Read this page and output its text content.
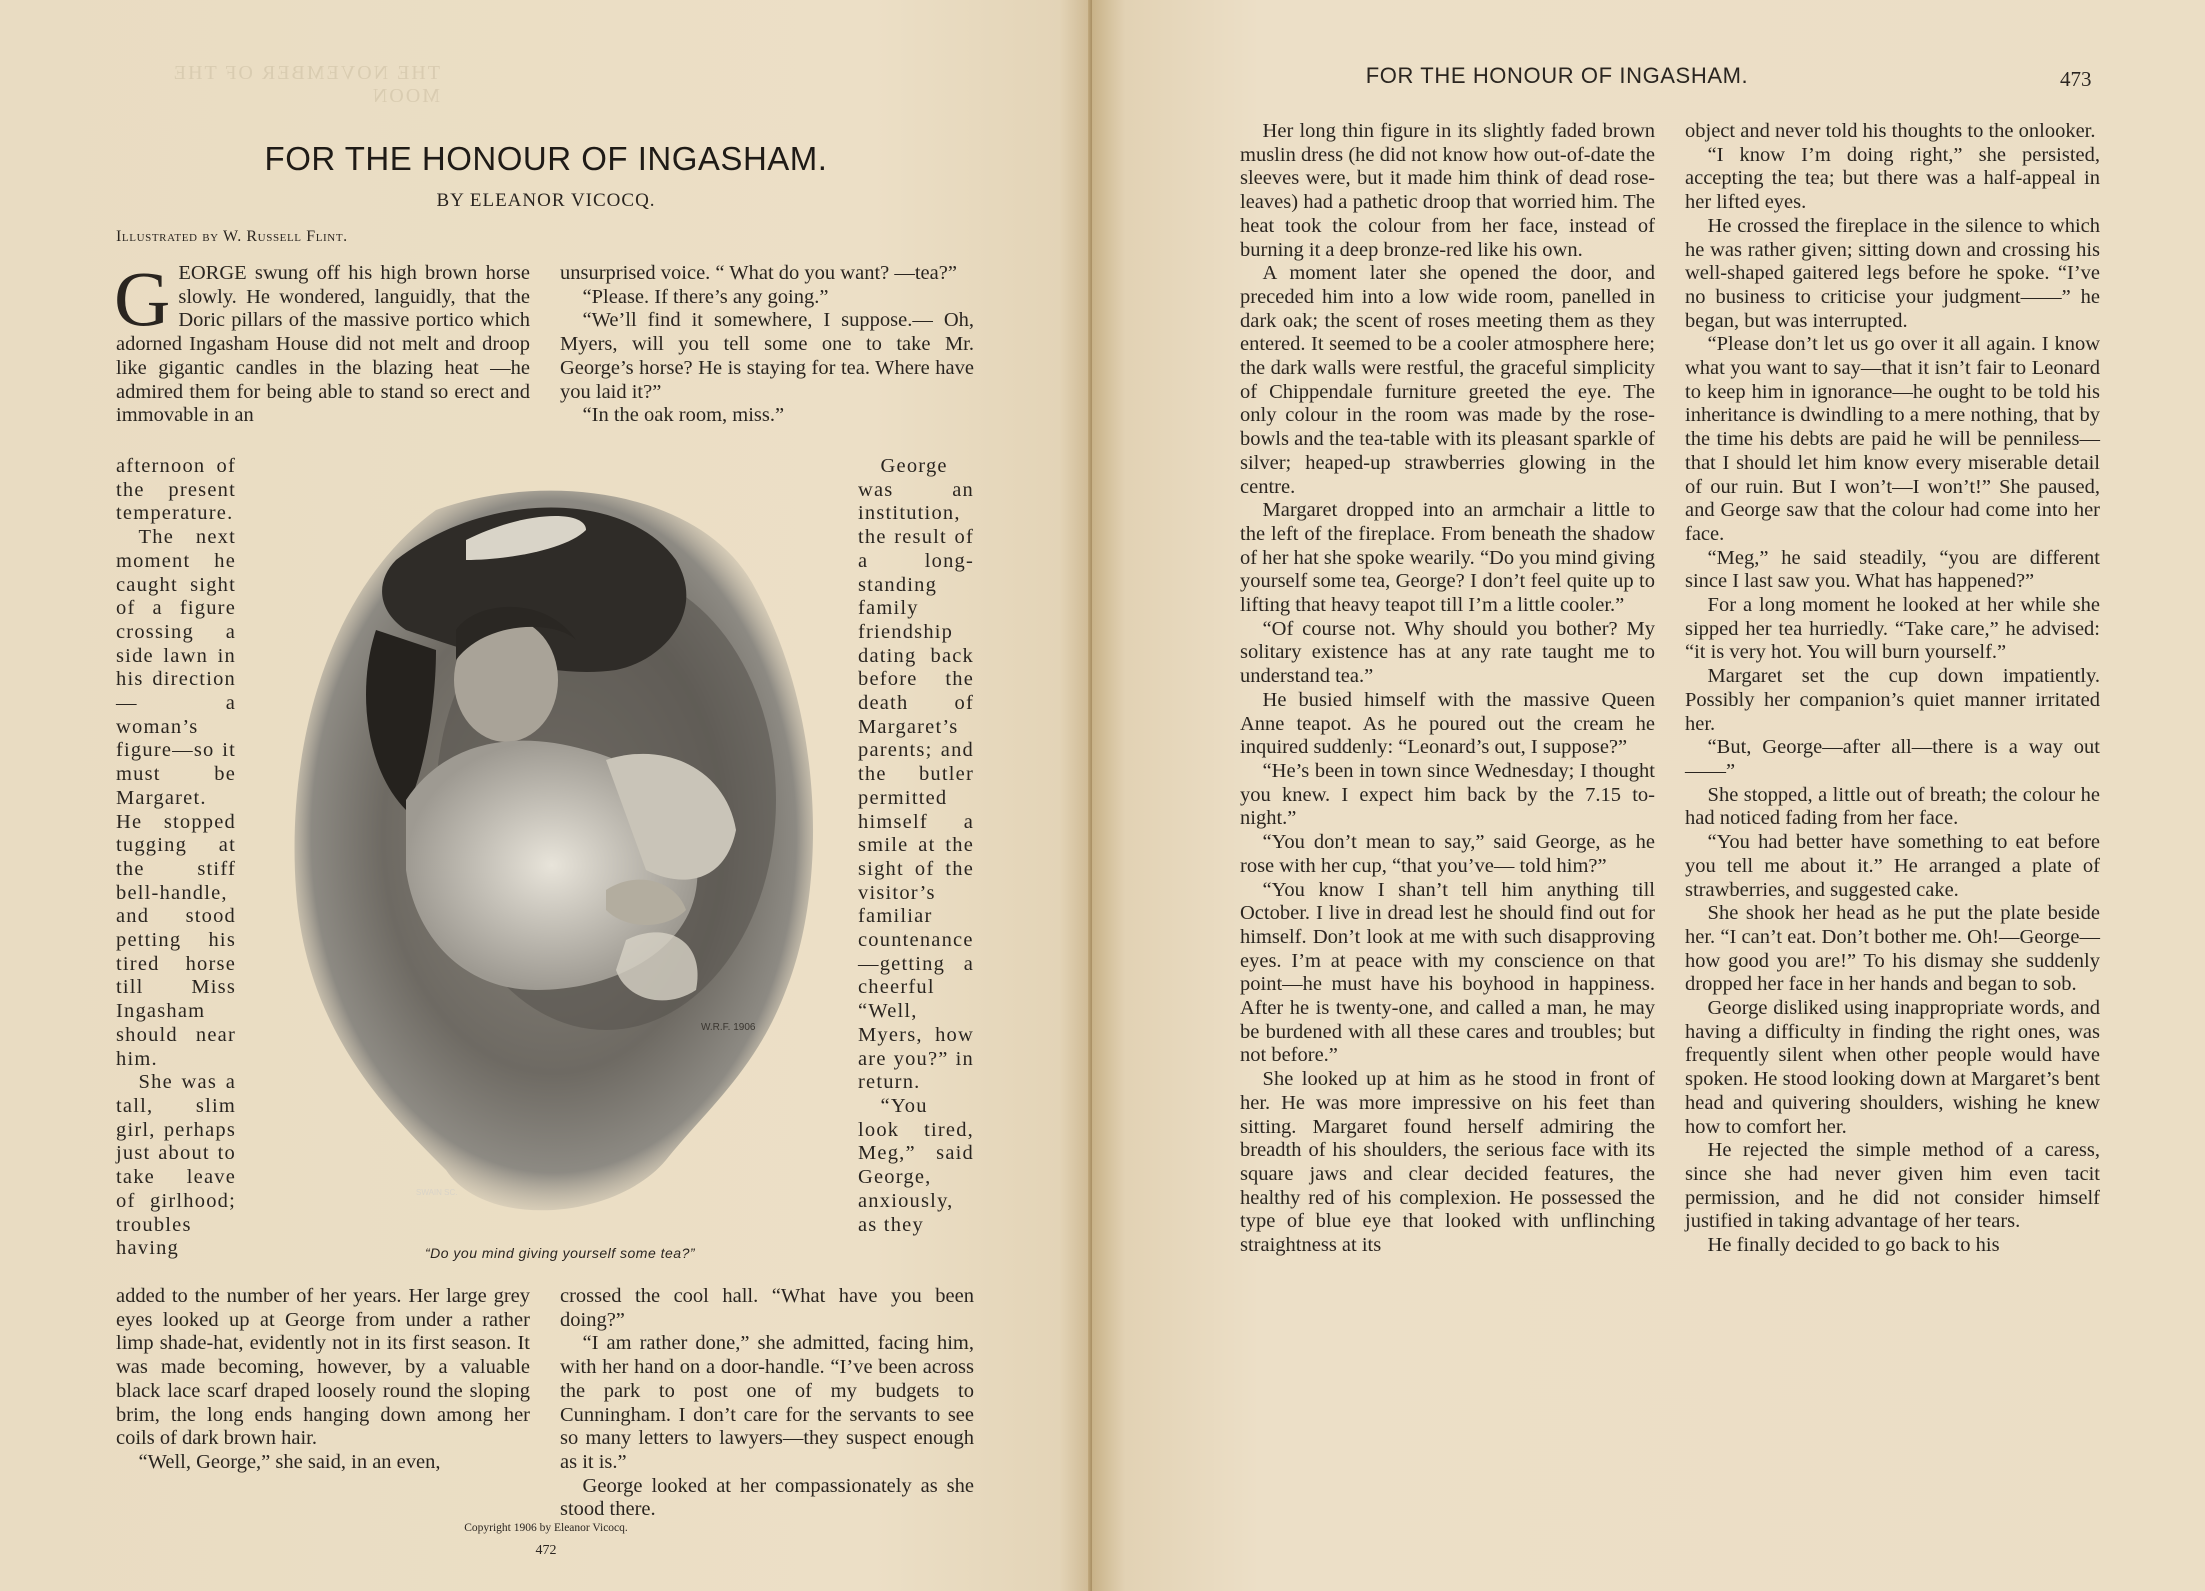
THE NOVEMBER OF THE MOON
FOR THE HONOUR OF INGASHAM.
BY ELEANOR VICOCQ.
Illustrated by W. Russell Flint.

GEORGE swung off his high brown horse slowly. He wondered, languidly, that the Doric pillars of the massive portico which adorned Ingasham House did not melt and droop like gigantic candles in the blazing heat —he admired them for being able to stand so erect and immovable in an

afternoon of the present temperature.

The next moment he caught sight of a figure crossing a side lawn in his direction — a woman’s figure—so it must be Margaret. He stopped tugging at the stiff bell-handle, and stood petting his tired horse till Miss Ingasham should near him.

She was a tall, slim girl, perhaps just about to take leave of girlhood; troubles having

added to the number of her years. Her large grey eyes looked up at George from under a rather limp shade-hat, evidently not in its first season. It was made becoming, however, by a valuable black lace scarf draped loosely round the sloping brim, the long ends hanging down among her coils of dark brown hair.

“Well, George,” she said, in an even,

unsurprised voice. “ What do you want? —tea?”

“Please. If there’s any going.”

“We’ll find it somewhere, I suppose.— Oh, Myers, will you tell some one to take Mr. George’s horse? He is staying for tea. Where have you laid it?”

“In the oak room, miss.”

George was an institution, the result of a long-standing family friendship dating back before the death of Margaret’s parents; and the butler permitted himself a smile at the sight of the visitor’s familiar countenance—getting a cheerful “Well, Myers, how are you?” in return.

“You look tired, Meg,” said George, anxiously, as they

crossed the cool hall. “What have you been doing?”

“I am rather done,” she admitted, facing him, with her hand on a door-handle. “I’ve been across the park to post one of my budgets to Cunningham. I don’t care for the servants to see so many letters to lawyers—they suspect enough as it is.”

George looked at her compassionately as she stood there.

W.R.F. 1906
SWAIN SC.
“Do you mind giving yourself some tea?”
Copyright 1906 by Eleanor Vicocq.
472
FOR THE HONOUR OF INGASHAM.	473

Her long thin figure in its slightly faded brown muslin dress (he did not know how out-of-date the sleeves were, but it made him think of dead rose-leaves) had a pathetic droop that worried him. The heat took the colour from her face, instead of burning it a deep bronze-red like his own.

A moment later she opened the door, and preceded him into a low wide room, panelled in dark oak; the scent of roses meeting them as they entered. It seemed to be a cooler atmosphere here; the dark walls were restful, the graceful simplicity of Chippendale furniture greeted the eye. The only colour in the room was made by the rose-bowls and the tea-table with its pleasant sparkle of silver; heaped-up strawberries glowing in the centre.

Margaret dropped into an armchair a little to the left of the fireplace. From beneath the shadow of her hat she spoke wearily. “Do you mind giving yourself some tea, George? I don’t feel quite up to lifting that heavy teapot till I’m a little cooler.”

“Of course not. Why should you bother? My solitary existence has at any rate taught me to understand tea.”

He busied himself with the massive Queen Anne teapot. As he poured out the cream he inquired suddenly: “Leonard’s out, I suppose?”

“He’s been in town since Wednesday; I thought you knew. I expect him back by the 7.15 to-night.”

“You don’t mean to say,” said George, as he rose with her cup, “that you’ve— told him?”

“You know I shan’t tell him anything till October. I live in dread lest he should find out for himself. Don’t look at me with such disapproving eyes. I’m at peace with my conscience on that point—he must have his boyhood in happiness. After he is twenty-one, and called a man, he may be burdened with all these cares and troubles; but not before.”

She looked up at him as he stood in front of her. He was more impressive on his feet than sitting. Margaret found herself admiring the breadth of his shoulders, the serious face with its square jaws and clear decided features, the healthy red of his complexion. He possessed the type of blue eye that looked with unflinching straightness at its

object and never told his thoughts to the onlooker.

“I know I’m doing right,” she persisted, accepting the tea; but there was a half-appeal in her lifted eyes.

He crossed the fireplace in the silence to which he was rather given; sitting down and crossing his well-shaped gaitered legs before he spoke. “I’ve no business to criticise your judgment——” he began, but was interrupted.

“Please don’t let us go over it all again. I know what you want to say—that it isn’t fair to Leonard to keep him in ignorance—he ought to be told his inheritance is dwindling to a mere nothing, that by the time his debts are paid he will be penniless—that I should let him know every miserable detail of our ruin. But I won’t—I won’t!” She paused, and George saw that the colour had come into her face.

“Meg,” he said steadily, “you are different since I last saw you. What has happened?”

For a long moment he looked at her while she sipped her tea hurriedly. “Take care,” he advised: “it is very hot. You will burn yourself.”

Margaret set the cup down impatiently. Possibly her companion’s quiet manner irritated her.

“But, George—after all—there is a way out——”

She stopped, a little out of breath; the colour he had noticed fading from her face.

“You had better have something to eat before you tell me about it.” He arranged a plate of strawberries, and suggested cake.

She shook her head as he put the plate beside her. “I can’t eat. Don’t bother me. Oh!—George—how good you are!” To his dismay she suddenly dropped her face in her hands and began to sob.

George disliked using inappropriate words, and having a difficulty in finding the right ones, was frequently silent when other people would have spoken. He stood looking down at Margaret’s bent head and quivering shoulders, wishing he knew how to comfort her.

He rejected the simple method of a caress, since she had never given him even tacit permission, and he did not consider himself justified in taking advantage of her tears.

He finally decided to go back to his
